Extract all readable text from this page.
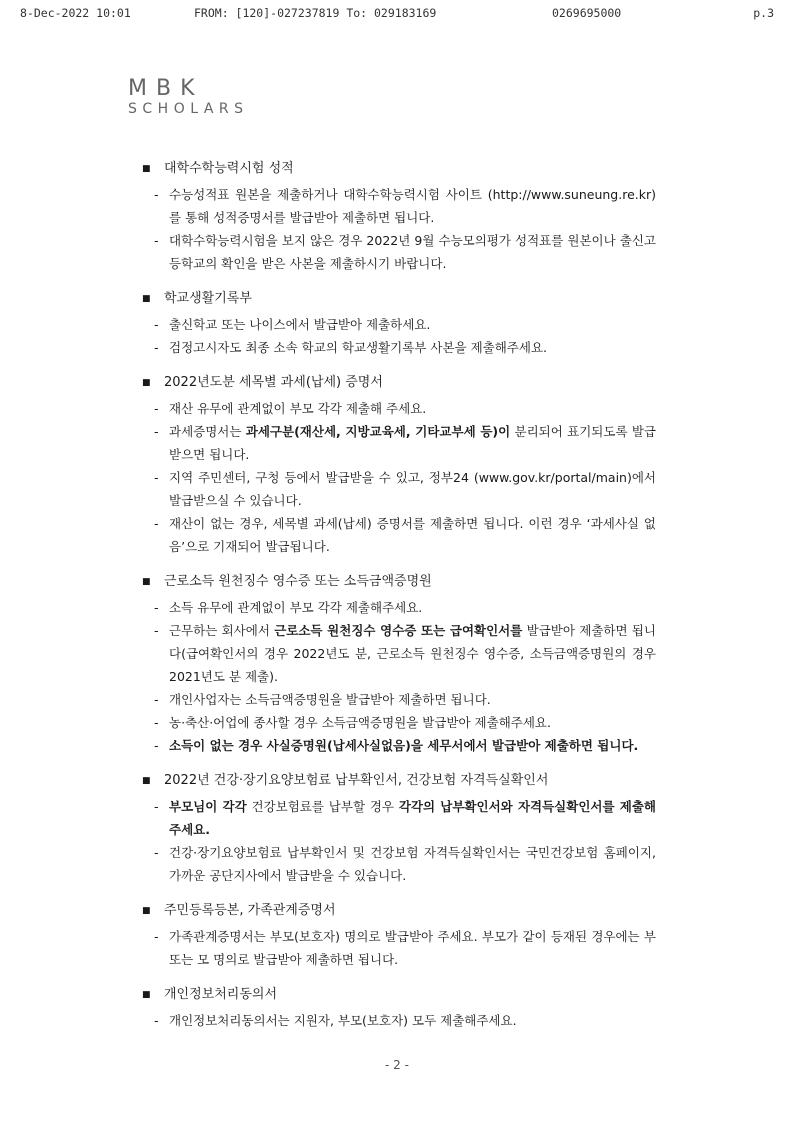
8-Dec-2022 10:01	FROM: [120]-027237819 To: 029183169	0269695000	p.3
MBK
SCHOLARS
■ 대학수학능력시험 성적
- 수능성적표 원본을 제출하거나 대학수학능력시험 사이트 (http://www.suneung.re.kr)를 통해 성적증명서를 발급받아 제출하면 됩니다.
- 대학수학능력시험을 보지 않은 경우 2022년 9월 수능모의평가 성적표를 원본이나 출신고등학교의 확인을 받은 사본을 제출하시기 바랍니다.
■ 학교생활기록부
- 출신학교 또는 나이스에서 발급받아 제출하세요.
- 검정고시자도 최종 소속 학교의 학교생활기록부 사본을 제출해주세요.
■ 2022년도분 세목별 과세(납세) 증명서
- 재산 유무에 관계없이 부모 각각 제출해 주세요.
- 과세증명서는 과세구분(재산세, 지방교육세, 기타교부세 등)이 분리되어 표기되도록 발급받으면 됩니다.
- 지역 주민센터, 구청 등에서 발급받을 수 있고, 정부24 (www.gov.kr/portal/main)에서 발급받으실 수 있습니다.
- 재산이 없는 경우, 세목별 과세(납세) 증명서를 제출하면 됩니다. 이런 경우 ‘과세사실 없음’으로 기재되어 발급됩니다.
■ 근로소득 원천징수 영수증 또는 소득금액증명원
- 소득 유무에 관계없이 부모 각각 제출해주세요.
- 근무하는 회사에서 근로소득 원천징수 영수증 또는 급여확인서를 발급받아 제출하면 됩니다(급여확인서의 경우 2022년도 분, 근로소득 원천징수 영수증, 소득금액증명원의 경우 2021년도 분 제출).
- 개인사업자는 소득금액증명원을 발급받아 제출하면 됩니다.
- 농·축산·어업에 종사할 경우 소득금액증명원을 발급받아 제출해주세요.
- 소득이 없는 경우 사실증명원(납세사실없음)을 세무서에서 발급받아 제출하면 됩니다.
■ 2022년 건강·장기요양보험료 납부확인서, 건강보험 자격득실확인서
- 부모님이 각각 건강보험료를 납부할 경우 각각의 납부확인서와 자격득실확인서를 제출해주세요.
- 건강·장기요양보험료 납부확인서 및 건강보험 자격득실확인서는 국민건강보험 홈페이지, 가까운 공단지사에서 발급받을 수 있습니다.
■ 주민등록등본, 가족관계증명서
- 가족관계증명서는 부모(보호자) 명의로 발급받아 주세요. 부모가 같이 등재된 경우에는 부 또는 모 명의로 발급받아 제출하면 됩니다.
■ 개인정보처리동의서
- 개인정보처리동의서는 지원자, 부모(보호자) 모두 제출해주세요.
- 2 -
